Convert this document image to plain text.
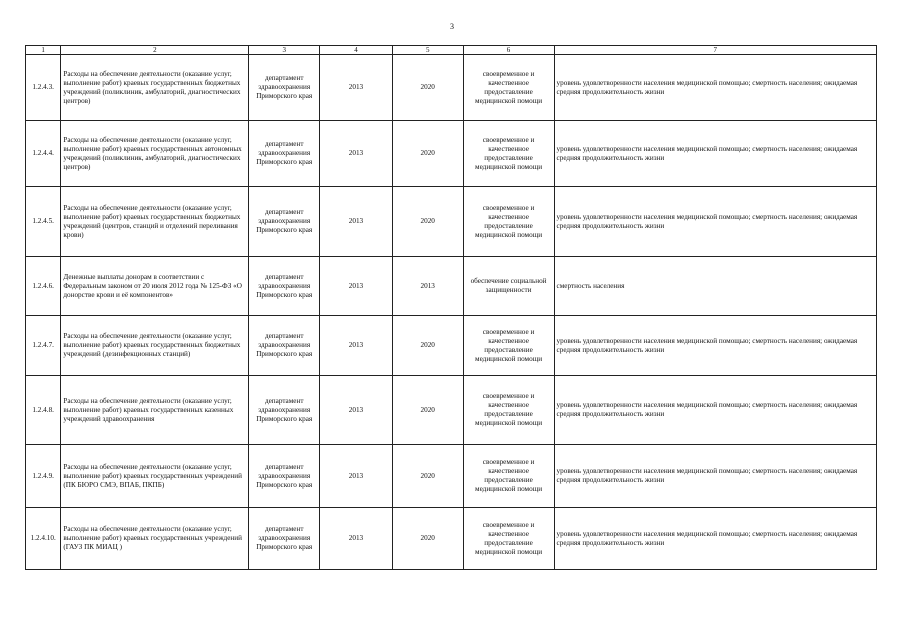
3
1	2	3	4	5	6	7
1.2.4.3.	Расходы на обеспечение деятельности (оказание услуг, выполнение работ) краевых государственных бюджетных учреждений (поликлиник, амбулаторий, диагностических центров)	департамент здравоохранения Приморского края	2013	2020	своевременное и качественное предоставление медицинской помощи	уровень удовлетворенности населения медицинской помощью; смертность населения; ожидаемая средняя продолжительность жизни
1.2.4.4.	Расходы на обеспечение деятельности (оказание услуг, выполнение работ) краевых государственных автономных учреждений (поликлиник, амбулаторий, диагностических центров)	департамент здравоохранения Приморского края	2013	2020	своевременное и качественное предоставление медицинской помощи	уровень удовлетворенности населения медицинской помощью; смертность населения; ожидаемая средняя продолжительность жизни
1.2.4.5.	Расходы на обеспечение деятельности (оказание услуг, выполнение работ) краевых государственных бюджетных учреждений (центров, станций и отделений переливания крови)	департамент здравоохранения Приморского края	2013	2020	своевременное и качественное предоставление медицинской помощи	уровень удовлетворенности населения медицинской помощью; смертность населения; ожидаемая средняя продолжительность жизни
1.2.4.6.	Денежные выплаты донорам в соответствии с Федеральным законом от 20 июля 2012 года № 125-ФЗ «О донорстве крови и её компонентов»	департамент здравоохранения Приморского края	2013	2013	обеспечение социальной защищенности	смертность населения
1.2.4.7.	Расходы на обеспечение деятельности (оказание услуг, выполнение работ) краевых государственных бюджетных учреждений (дезинфекционных станций)	департамент здравоохранения Приморского края	2013	2020	своевременное и качественное предоставление медицинской помощи	уровень удовлетворенности населения медицинской помощью; смертность населения; ожидаемая средняя продолжительность жизни
1.2.4.8.	Расходы на обеспечение деятельности (оказание услуг, выполнение работ) краевых государственных казенных учреждений здравоохранения	департамент здравоохранения Приморского края	2013	2020	своевременное и качественное предоставление медицинской помощи	уровень удовлетворенности населения медицинской помощью; смертность населения; ожидаемая средняя продолжительность жизни
1.2.4.9.	Расходы на обеспечение деятельности (оказание услуг, выполнение работ) краевых государственных учреждений (ПК БЮРО СМЭ, ВПАБ, ПКПБ)	департамент здравоохранения Приморского края	2013	2020	своевременное и качественное предоставление медицинской помощи	уровень удовлетворенности населения медицинской помощью; смертность населения; ожидаемая средняя продолжительность жизни
1.2.4.10.	Расходы на обеспечение деятельности (оказание услуг, выполнение работ) краевых государственных учреждений (ГАУЗ ПК МИАЦ )	департамент здравоохранения Приморского края	2013	2020	своевременное и качественное предоставление медицинской помощи	уровень удовлетворенности населения медицинской помощью; смертность населения; ожидаемая средняя продолжительность жизни
